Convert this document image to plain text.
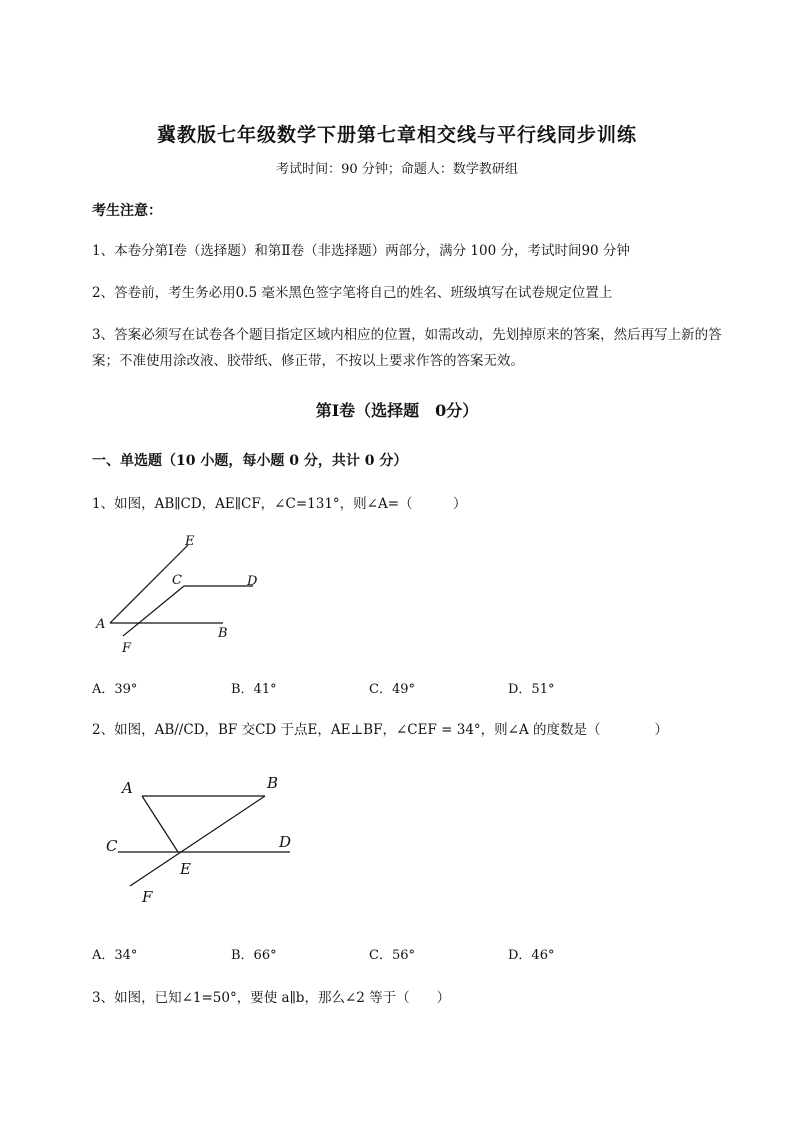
冀教版七年级数学下册第七章相交线与平行线同步训练
考试时间：90 分钟；命题人：数学教研组
考生注意：
1、本卷分第Ⅰ卷（选择题）和第Ⅱ卷（非选择题）两部分，满分 100 分，考试时间90 分钟
2、答卷前，考生务必用0.5 毫米黑色签字笔将自己的姓名、班级填写在试卷规定位置上
3、答案必须写在试卷各个题目指定区域内相应的位置，如需改动，先划掉原来的答案，然后再写上新的答案；不准使用涂改液、胶带纸、修正带，不按以上要求作答的答案无效。
第Ⅰ卷（选择题　0分）
一、单选题（10 小题，每小题 0 分，共计 0 分）
1、如图，AB∥CD，AE∥CF，∠C=131°，则∠A=（　　　）
E
C	D
A
B
F
A．39°	B．41°	C．49°	D．51°
2、如图，AB//CD，BF 交CD 于点E，AE⊥BF，∠CEF = 34°，则∠A 的度数是（　　　　）
A	B
C	D
E
F
A．34°	B．66°	C．56°	D．46°
3、如图，已知∠1=50°，要使 a∥b，那么∠2 等于（　　）
